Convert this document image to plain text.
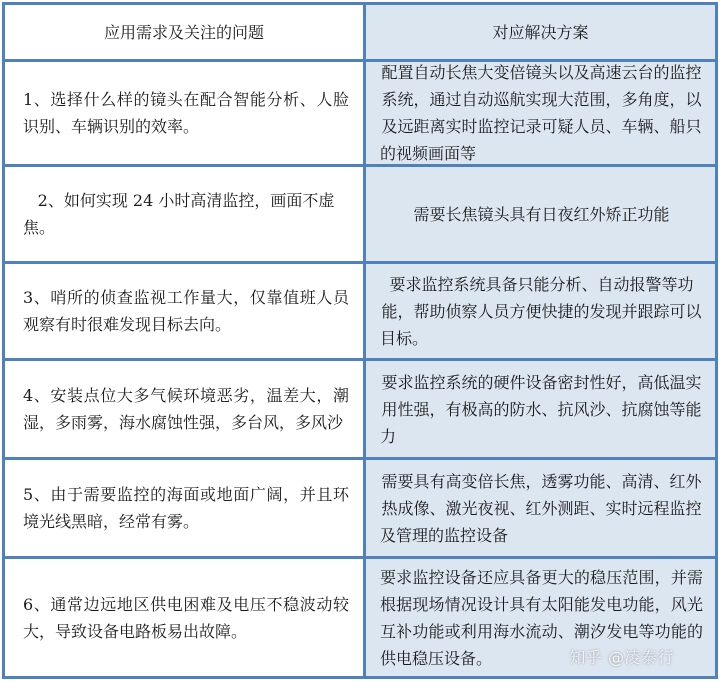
应用需求及关注的问题	对应解决方案
1、选择什么样的镜头在配合智能分析、人脸识别、车辆识别的效率。
配置自动长焦大变倍镜头以及高速云台的监控系统，通过自动巡航实现大范围，多角度，以及远距离实时监控记录可疑人员、车辆、船只的视频画面等
2、如何实现 24 小时高清监控，画面不虚焦。
需要长焦镜头具有日夜红外矫正功能
3、哨所的侦查监视工作量大，仅靠值班人员观察有时很难发现目标去向。
要求监控系统具备只能分析、自动报警等功能，帮助侦察人员方便快捷的发现并跟踪可以目标。
4、安装点位大多气候环境恶劣，温差大，潮湿，多雨雾，海水腐蚀性强，多台风，多风沙
要求监控系统的硬件设备密封性好，高低温实用性强，有极高的防水、抗风沙、抗腐蚀等能力
5、由于需要监控的海面或地面广阔，并且环境光线黑暗，经常有雾。
需要具有高变倍长焦，透雾功能、高清、红外热成像、激光夜视、红外测距、实时远程监控及管理的监控设备
6、通常边远地区供电困难及电压不稳波动较大，导致设备电路板易出故障。
要求监控设备还应具备更大的稳压范围，并需根据现场情况设计具有太阳能发电功能，风光互补功能或利用海水流动、潮汐发电等功能的供电稳压设备。	知乎 @凌泰行
